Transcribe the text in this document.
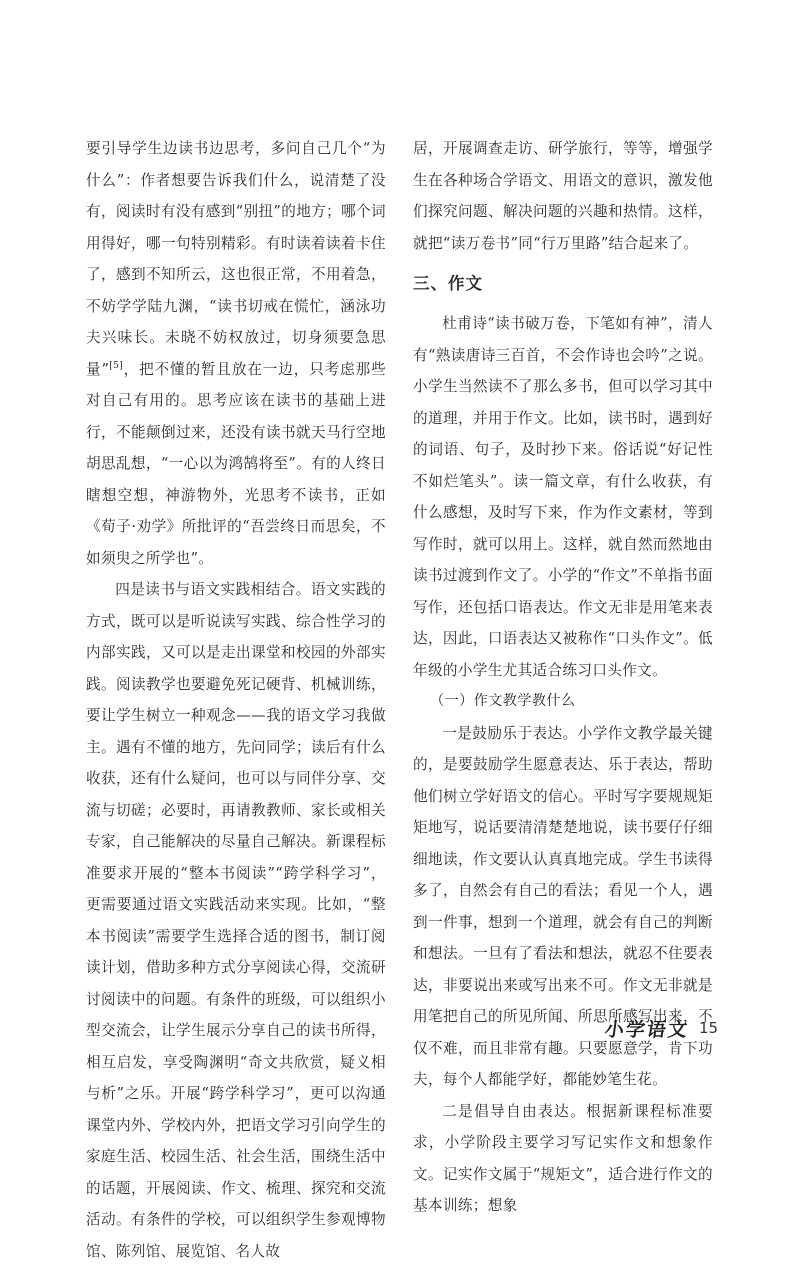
要引导学生边读书边思考，多问自己几个“为什么”：作者想要告诉我们什么，说清楚了没有，阅读时有没有感到“别扭”的地方；哪个词用得好，哪一句特别精彩。有时读着读着卡住了，感到不知所云，这也很正常，不用着急，不妨学学陆九渊，“读书切戒在慌忙，涵泳功夫兴味长。未晓不妨权放过，切身须要急思量”[5]，把不懂的暂且放在一边，只考虑那些对自己有用的。思考应该在读书的基础上进行，不能颠倒过来，还没有读书就天马行空地胡思乱想，“一心以为鸿鹄将至”。有的人终日瞎想空想，神游物外，光思考不读书，正如《荀子·劝学》所批评的“吾尝终日而思矣，不如须臾之所学也”。

四是读书与语文实践相结合。语文实践的方式，既可以是听说读写实践、综合性学习的内部实践，又可以是走出课堂和校园的外部实践。阅读教学也要避免死记硬背、机械训练，要让学生树立一种观念——我的语文学习我做主。遇有不懂的地方，先问同学；读后有什么收获，还有什么疑问，也可以与同伴分享、交流与切磋；必要时，再请教教师、家长或相关专家，自己能解决的尽量自己解决。新课程标准要求开展的“整本书阅读”“跨学科学习”，更需要通过语文实践活动来实现。比如，“整本书阅读”需要学生选择合适的图书，制订阅读计划，借助多种方式分享阅读心得，交流研讨阅读中的问题。有条件的班级，可以组织小型交流会，让学生展示分享自己的读书所得，相互启发，享受陶渊明“奇文共欣赏，疑义相与析”之乐。开展“跨学科学习”，更可以沟通课堂内外、学校内外，把语文学习引向学生的家庭生活、校园生活、社会生活，围绕生活中的话题，开展阅读、作文、梳理、探究和交流活动。有条件的学校，可以组织学生参观博物馆、陈列馆、展览馆、名人故

居，开展调查走访、研学旅行，等等，增强学生在各种场合学语文、用语文的意识，激发他们探究问题、解决问题的兴趣和热情。这样，就把“读万卷书”同“行万里路”结合起来了。

三、作文

杜甫诗“读书破万卷，下笔如有神”，清人有“熟读唐诗三百首，不会作诗也会吟”之说。小学生当然读不了那么多书，但可以学习其中的道理，并用于作文。比如，读书时，遇到好的词语、句子，及时抄下来。俗话说“好记性不如烂笔头”。读一篇文章，有什么收获，有什么感想，及时写下来，作为作文素材，等到写作时，就可以用上。这样，就自然而然地由读书过渡到作文了。小学的“作文”不单指书面写作，还包括口语表达。作文无非是用笔来表达，因此，口语表达又被称作“口头作文”。低年级的小学生尤其适合练习口头作文。

（一）作文教学教什么

一是鼓励乐于表达。小学作文教学最关键的，是要鼓励学生愿意表达、乐于表达，帮助他们树立学好语文的信心。平时写字要规规矩矩地写，说话要清清楚楚地说，读书要仔仔细细地读，作文要认认真真地完成。学生书读得多了，自然会有自己的看法；看见一个人，遇到一件事，想到一个道理，就会有自己的判断和想法。一旦有了看法和想法，就忍不住要表达，非要说出来或写出来不可。作文无非就是用笔把自己的所见所闻、所思所感写出来，不仅不难，而且非常有趣。只要愿意学，肯下功夫，每个人都能学好，都能妙笔生花。

二是倡导自由表达。根据新课程标准要求，小学阶段主要学习写记实作文和想象作文。记实作文属于“规矩文”，适合进行作文的基本训练；想象

小学语文 15
